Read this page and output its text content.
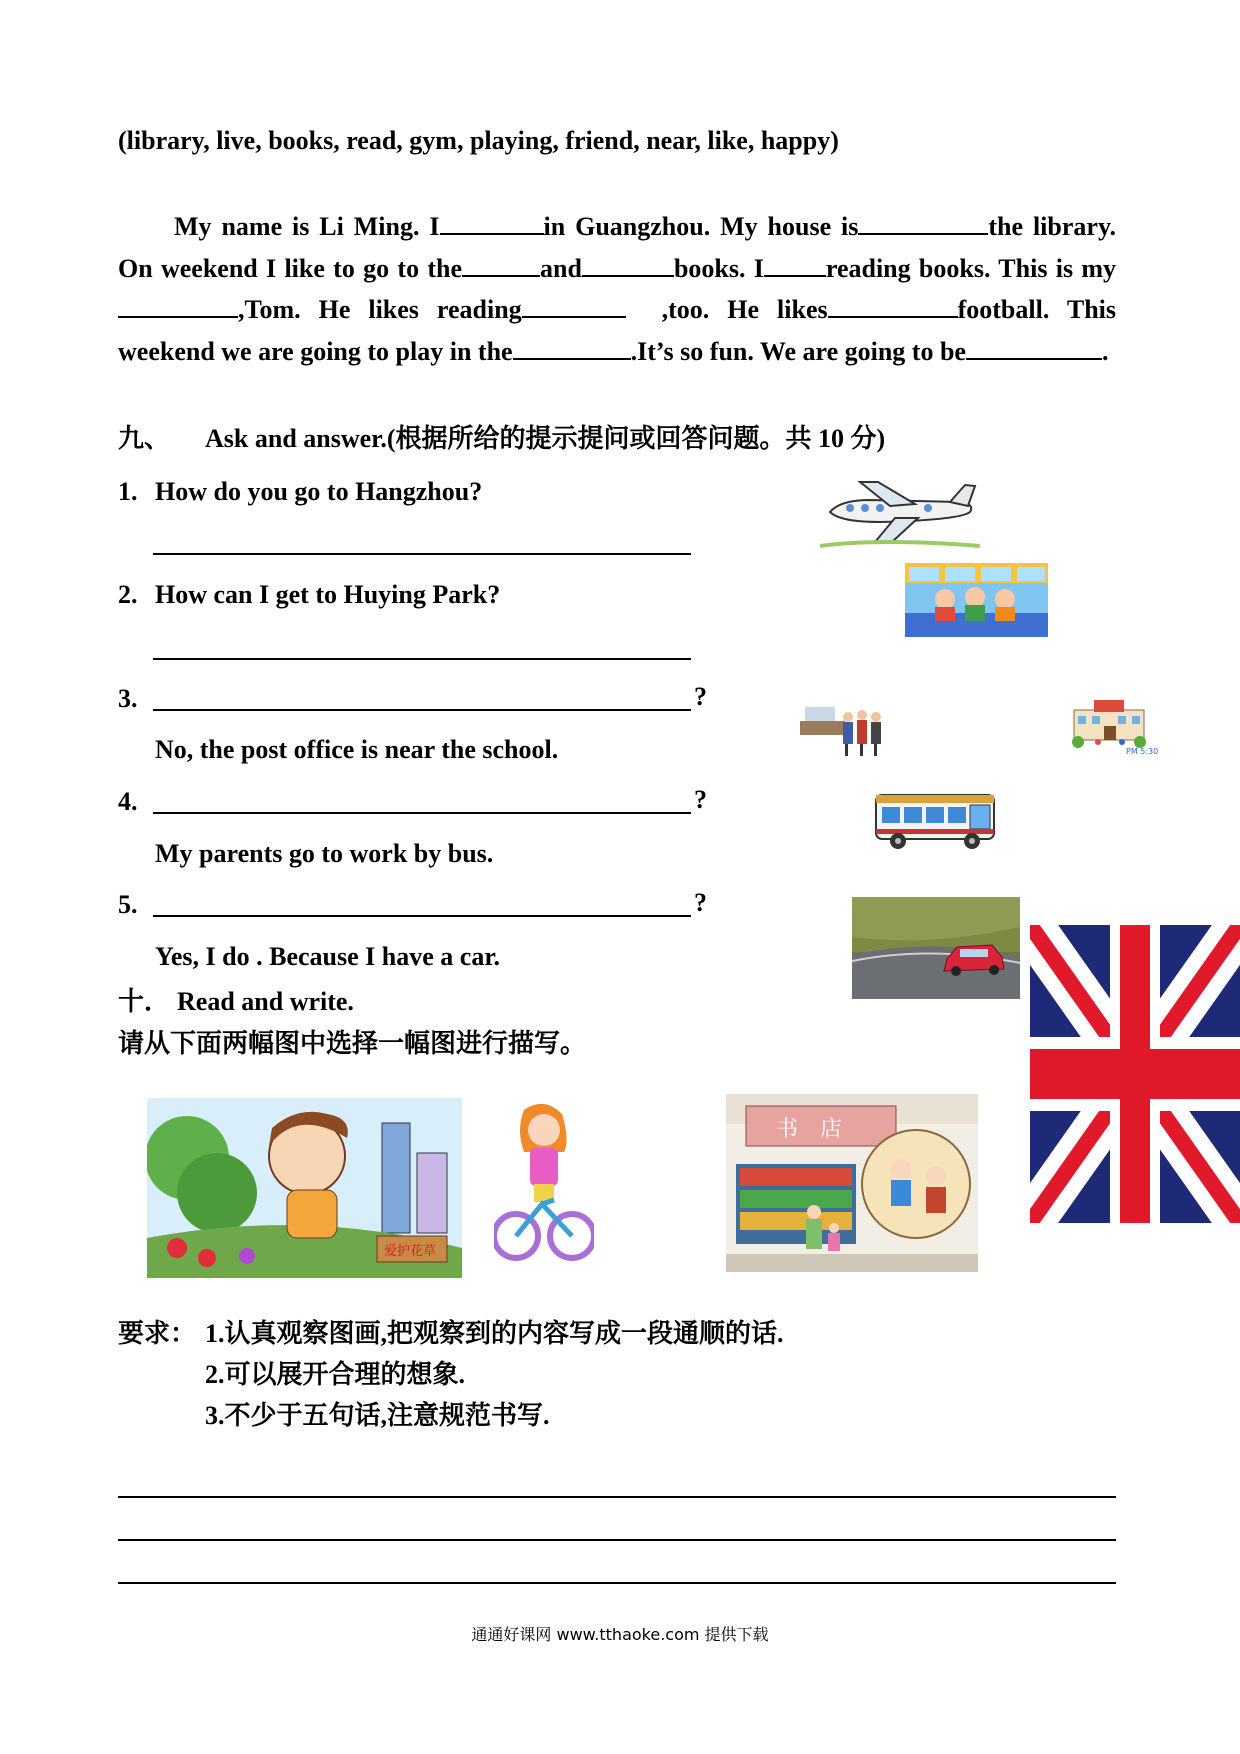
(library, live, books, read, gym, playing, friend, near, like, happy)

My name is Li Ming. I	in Guangzhou. My house is	the library. On weekend I like to go to the	and	books. I reading books. This is my,Tom. He likes reading	,too. He likes	football. This weekend we are going to play in the	.It’s so fun. We are going to be	.

九、 Ask and answer.(根据所给的提示提问或回答问题。共 10 分)
1. How do you go to Hangzhou?
2. How can I get to Huying Park?
3.	?
No, the post office is near the school.
4.	?
My parents go to work by bus.
5.	?
Yes, I do . Because I have a car.
十． Read and write.
请从下面两幅图中选择一幅图进行描写。
要求： 1.认真观察图画,把观察到的内容写成一段通顺的话.
2.可以展开合理的想象.
3.不少于五句话,注意规范书写.
通通好课网 www.tthaoke.com 提供下载
PM 5:30
爱护花草
书　店
